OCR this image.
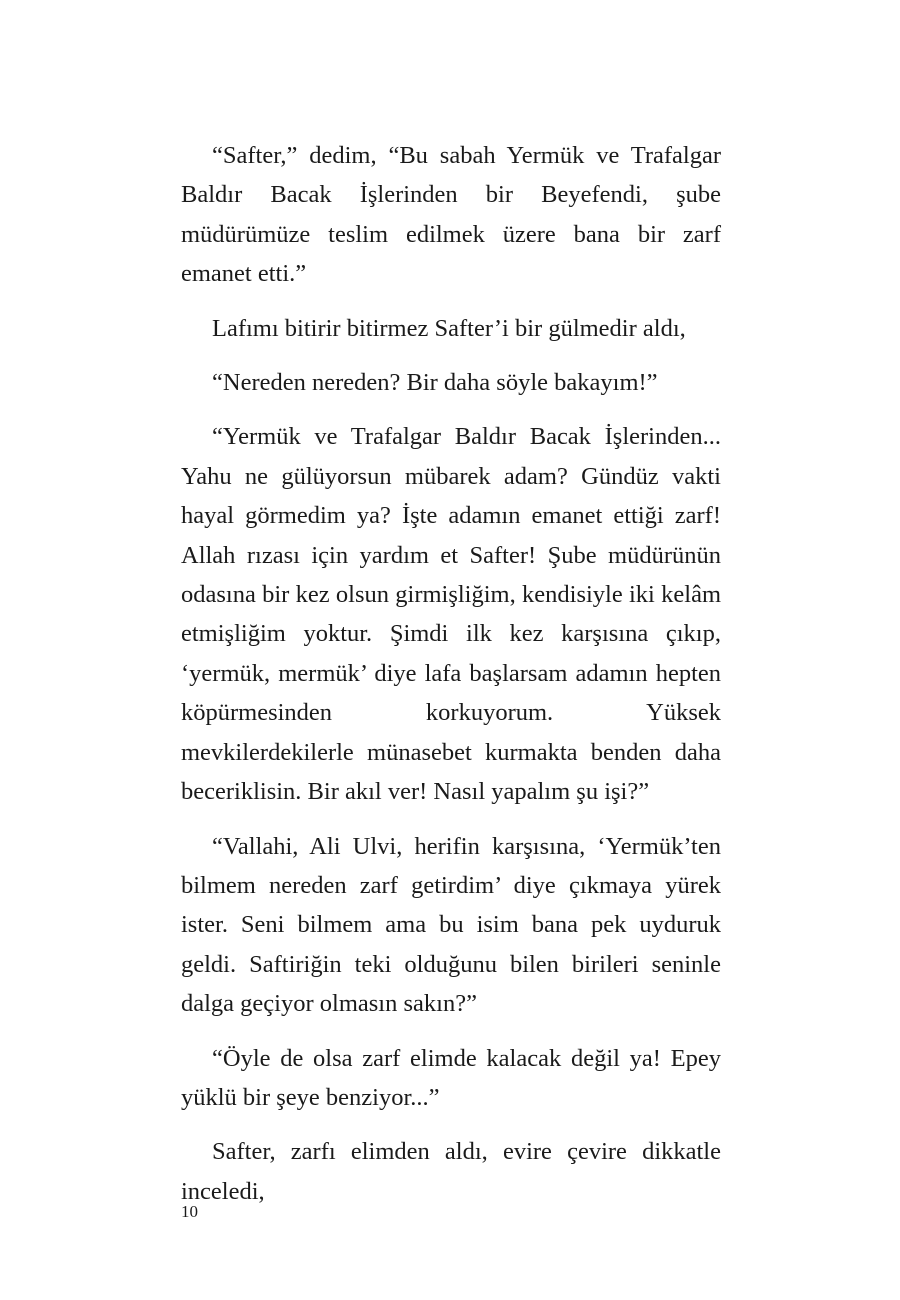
“Safter,” dedim, “Bu sabah Yermük ve Trafalgar Baldır Bacak İşlerinden bir Beyefendi, şube müdürümüze teslim edilmek üzere bana bir zarf emanet etti.”

Lafımı bitirir bitirmez Safter’i bir gülmedir aldı,

“Nereden nereden? Bir daha söyle bakayım!”

“Yermük ve Trafalgar Baldır Bacak İşlerinden... Yahu ne gülüyorsun mübarek adam? Gündüz vakti hayal görmedim ya? İşte adamın emanet ettiği zarf! Allah rızası için yardım et Safter! Şube müdürünün odasına bir kez olsun girmişliğim, kendisiyle iki kelâm etmişliğim yoktur. Şimdi ilk kez karşısına çıkıp, ‘yermük, mermük’ diye lafa başlarsam adamın hepten köpürmesinden korkuyorum. Yüksek mevkilerdekilerle münasebet kurmakta benden daha beceriklisin. Bir akıl ver! Nasıl yapalım şu işi?”

“Vallahi, Ali Ulvi, herifin karşısına, ‘Yermük’ten bilmem nereden zarf getirdim’ diye çıkmaya yürek ister. Seni bilmem ama bu isim bana pek uyduruk geldi. Saftiriğin teki olduğunu bilen birileri seninle dalga geçiyor olmasın sakın?”

“Öyle de olsa zarf elimde kalacak değil ya! Epey yüklü bir şeye benziyor...”

Safter, zarfı elimden aldı, evire çevire dikkatle inceledi,

10
